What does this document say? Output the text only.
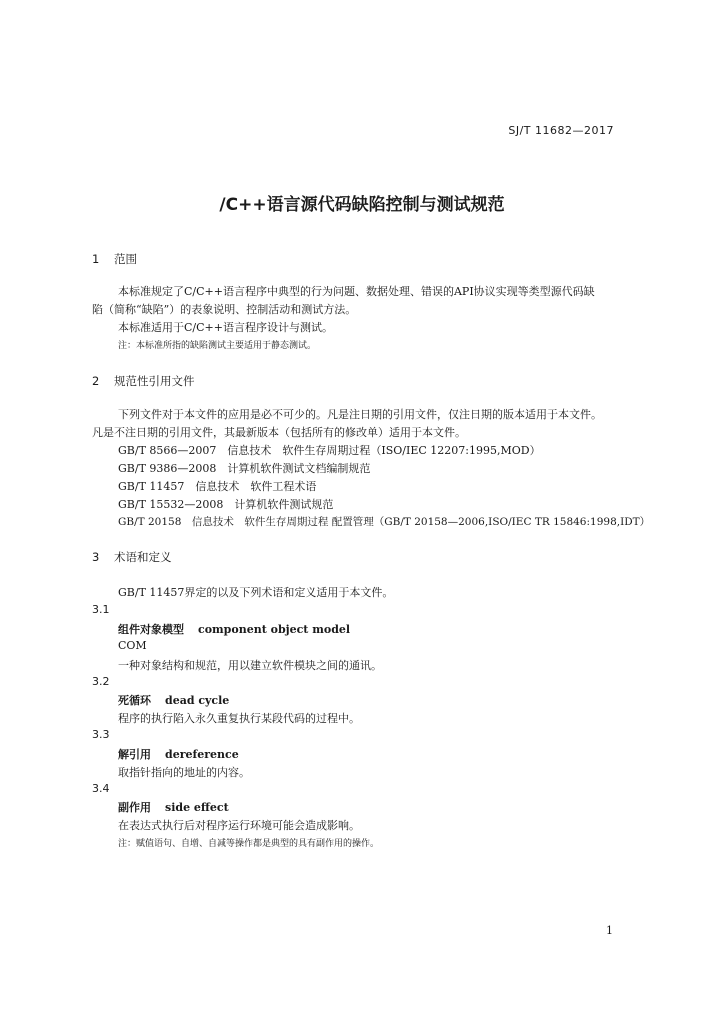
SJ/T 11682—2017
/C++语言源代码缺陷控制与测试规范
1 范围
本标准规定了C/C++语言程序中典型的行为问题、数据处理、错误的API协议实现等类型源代码缺
陷（简称“缺陷”）的表象说明、控制活动和测试方法。
本标准适用于C/C++语言程序设计与测试。
注：本标准所指的缺陷测试主要适用于静态测试。
2 规范性引用文件
下列文件对于本文件的应用是必不可少的。凡是注日期的引用文件，仅注日期的版本适用于本文件。
凡是不注日期的引用文件，其最新版本（包括所有的修改单）适用于本文件。
GB/T 8566—2007　信息技术　软件生存周期过程（ISO/IEC 12207:1995,MOD）
GB/T 9386—2008　计算机软件测试文档编制规范
GB/T 11457　信息技术　软件工程术语
GB/T 15532—2008　计算机软件测试规范
GB/T 20158　信息技术　软件生存周期过程 配置管理（GB/T 20158—2006,ISO/IEC TR 15846:1998,IDT）
3 术语和定义
GB/T 11457界定的以及下列术语和定义适用于本文件。
3.1
组件对象模型 component object model
COM
一种对象结构和规范，用以建立软件模块之间的通讯。
3.2
死循环 dead cycle
程序的执行陷入永久重复执行某段代码的过程中。
3.3
解引用 dereference
取指针指向的地址的内容。
3.4
副作用 side effect
在表达式执行后对程序运行环境可能会造成影响。
注：赋值语句、自增、自减等操作都是典型的具有副作用的操作。
1
